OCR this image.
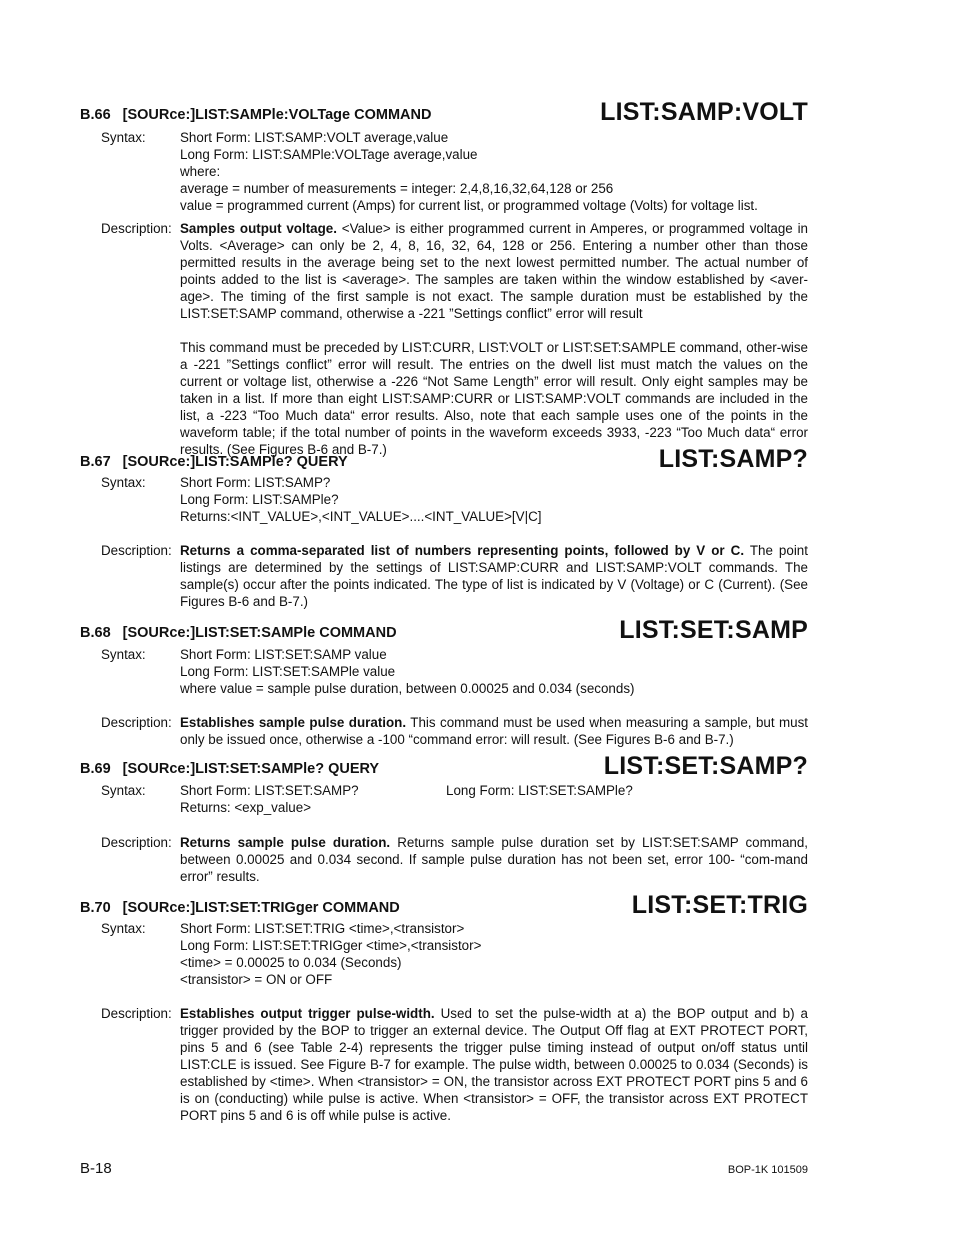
B.66 [SOURce:]LIST:SAMPle:VOLTage COMMAND	LIST:SAMP:VOLT
Syntax:	Short Form: LIST:SAMP:VOLT average,value
Long Form: LIST:SAMPle:VOLTage average,value
where:
average = number of measurements = integer: 2,4,8,16,32,64,128 or 256
value = programmed current (Amps) for current list, or programmed voltage (Volts) for voltage list.
Description: Samples output voltage. <Value> is either programmed current in Amperes, or programmed voltage in Volts. <Average> can only be 2, 4, 8, 16, 32, 64, 128 or 256. Entering a number other than those permitted results in the average being set to the next lowest permitted number. The actual number of points added to the list is <average>. The samples are taken within the window established by <aver-age>. The timing of the first sample is not exact. The sample duration must be established by the LIST:SET:SAMP command, otherwise a -221 ”Settings conflict” error will result

This command must be preceded by LIST:CURR, LIST:VOLT or LIST:SET:SAMPLE command, other-wise a -221 ”Settings conflict” error will result. The entries on the dwell list must match the values on the current or voltage list, otherwise a -226 “Not Same Length” error will result. Only eight samples may be taken in a list. If more than eight LIST:SAMP:CURR or LIST:SAMP:VOLT commands are included in the list, a -223 “Too Much data“ error results. Also, note that each sample uses one of the points in the waveform table; if the total number of points in the waveform exceeds 3933, -223 “Too Much data“ error results. (See Figures B-6 and B-7.)

B.67 [SOURce:]LIST:SAMPle? QUERY	LIST:SAMP?
Syntax:	Short Form: LIST:SAMP?
Long Form: LIST:SAMPle?
Returns:<INT_VALUE>,<INT_VALUE>....<INT_VALUE>[V|C]
Description: Returns a comma-separated list of numbers representing points, followed by V or C. The point listings are determined by the settings of LIST:SAMP:CURR and LIST:SAMP:VOLT commands. The sample(s) occur after the points indicated. The type of list is indicated by V (Voltage) or C (Current). (See Figures B-6 and B-7.)

B.68 [SOURce:]LIST:SET:SAMPle COMMAND	LIST:SET:SAMP
Syntax:	Short Form: LIST:SET:SAMP value
Long Form: LIST:SET:SAMPle value
where value = sample pulse duration, between 0.00025 and 0.034 (seconds)
Description: Establishes sample pulse duration. This command must be used when measuring a sample, but must only be issued once, otherwise a -100 “command error: will result. (See Figures B-6 and B-7.)

B.69 [SOURce:]LIST:SET:SAMPle? QUERY	LIST:SET:SAMP?
Syntax:	Long Form: LIST:SET:SAMPle?
Short Form: LIST:SET:SAMP?
Returns: <exp_value>
Description: Returns sample pulse duration. Returns sample pulse duration set by LIST:SET:SAMP command, between 0.00025 and 0.034 second. If sample pulse duration has not been set, error 100- “com-mand error” results.

B.70 [SOURce:]LIST:SET:TRIGger COMMAND	LIST:SET:TRIG
Syntax:	Short Form: LIST:SET:TRIG <time>,<transistor>
Long Form: LIST:SET:TRIGger <time>,<transistor>
<time> = 0.00025 to 0.034 (Seconds)
<transistor> = ON or OFF
Description: Establishes output trigger pulse-width. Used to set the pulse-width at a) the BOP output and b) a trigger provided by the BOP to trigger an external device. The Output Off flag at EXT PROTECT PORT, pins 5 and 6 (see Table 2-4) represents the trigger pulse timing instead of output on/off status until LIST:CLE is issued. See Figure B-7 for example. The pulse width, between 0.00025 to 0.034 (Seconds) is established by <time>. When <transistor> = ON, the transistor across EXT PROTECT PORT pins 5 and 6 is on (conducting) while pulse is active. When <transistor> = OFF, the transistor across EXT PROTECT PORT pins 5 and 6 is off while pulse is active.

B-18	BOP-1K 101509
